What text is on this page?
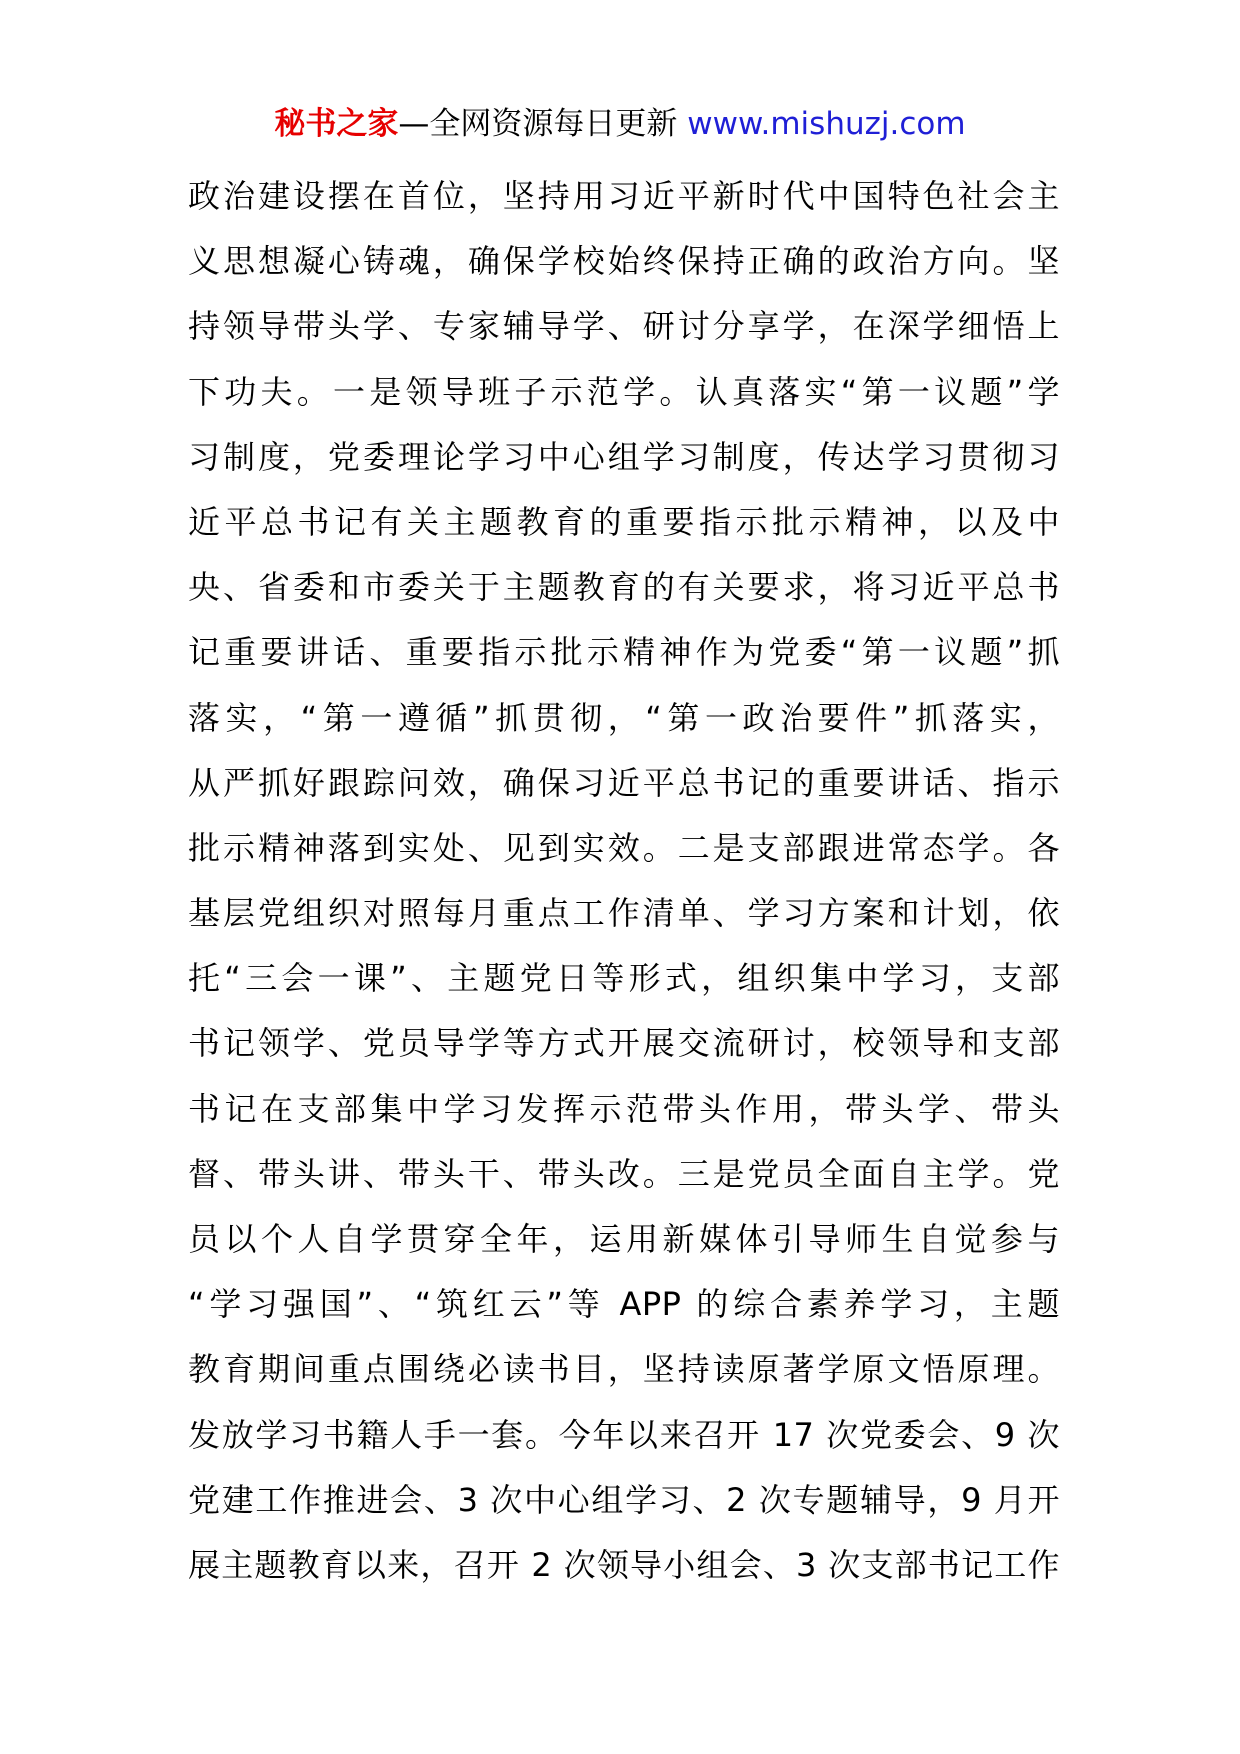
秘书之家—全网资源每日更新 www.mishuzj.com
政治建设摆在首位，坚持用习近平新时代中国特色社会主
义思想凝心铸魂，确保学校始终保持正确的政治方向。坚
持领导带头学、专家辅导学、研讨分享学，在深学细悟上
下功夫。一是领导班子示范学。认真落实“第一议题”学
习制度，党委理论学习中心组学习制度，传达学习贯彻习
近平总书记有关主题教育的重要指示批示精神，以及中
央、省委和市委关于主题教育的有关要求，将习近平总书
记重要讲话、重要指示批示精神作为党委“第一议题”抓
落实，“第一遵循”抓贯彻，“第一政治要件”抓落实，
从严抓好跟踪问效，确保习近平总书记的重要讲话、指示
批示精神落到实处、见到实效。二是支部跟进常态学。各
基层党组织对照每月重点工作清单、学习方案和计划，依
托“三会一课”、主题党日等形式，组织集中学习，支部
书记领学、党员导学等方式开展交流研讨，校领导和支部
书记在支部集中学习发挥示范带头作用，带头学、带头
督、带头讲、带头干、带头改。三是党员全面自主学。党
员以个人自学贯穿全年，运用新媒体引导师生自觉参与
“学习强国”、“筑红云”等 APP 的综合素养学习，主题
教育期间重点围绕必读书目，坚持读原著学原文悟原理。
发放学习书籍人手一套。今年以来召开 17 次党委会、9 次
党建工作推进会、3 次中心组学习、2 次专题辅导，9 月开
展主题教育以来，召开 2 次领导小组会、3 次支部书记工作
